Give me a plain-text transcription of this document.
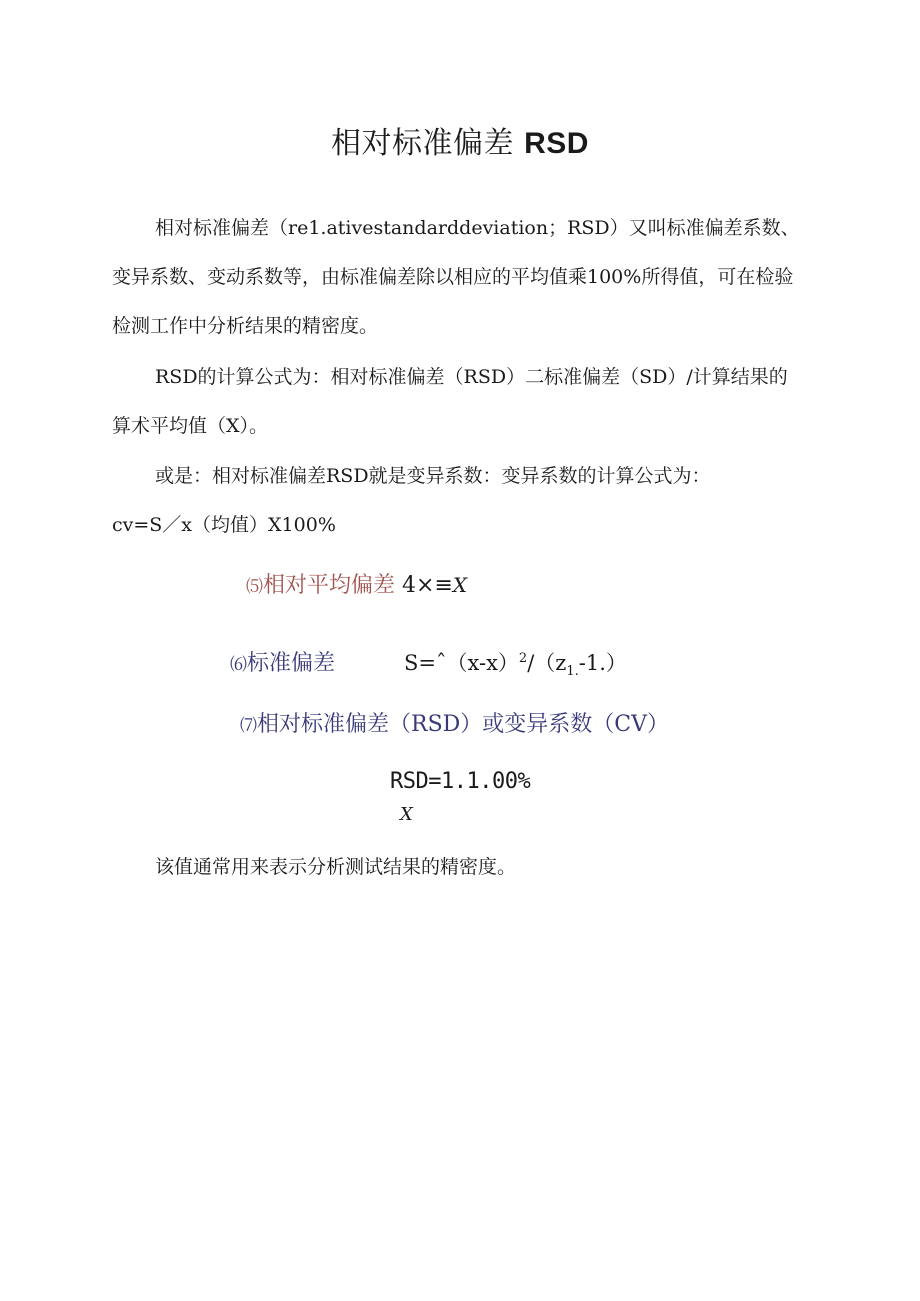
相对标准偏差 RSD

相对标准偏差（re1.ativestandarddeviation；RSD）又叫标准偏差系数、变异系数、变动系数等，由标准偏差除以相应的平均值乘100%所得值，可在检验检测工作中分析结果的精密度。

RSD的计算公式为：相对标准偏差（RSD）二标准偏差（SD）/计算结果的算术平均值（X）。

或是：相对标准偏差RSD就是变异系数：变异系数的计算公式为：
cv=S／x（均值）X100%
⑸相对平均偏差 4×≡X
⑹标准偏差	$S=ˆ(x-x)^2/(z_{1.}-1.)$
⑺相对标准偏差（RSD）或变异系数（CV）
RSD=1.1.00%
X

该值通常用来表示分析测试结果的精密度。
